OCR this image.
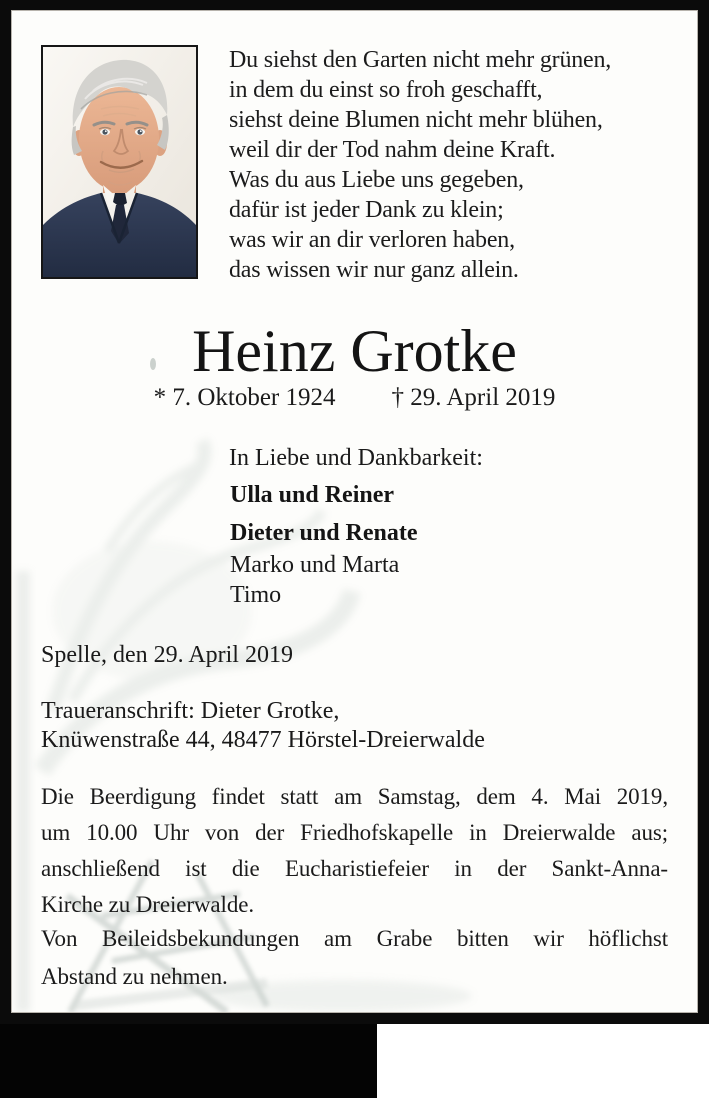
Du siehst den Garten nicht mehr grünen,
in dem du einst so froh geschafft,
siehst deine Blumen nicht mehr blühen,
weil dir der Tod nahm deine Kraft.
Was du aus Liebe uns gegeben,
dafür ist jeder Dank zu klein;
was wir an dir verloren haben,
das wissen wir nur ganz allein.
Heinz Grotke
* 7. Oktober 1924 † 29. April 2019
In Liebe und Dankbarkeit:
Ulla und Reiner
Dieter und Renate
Marko und Marta
Timo
Spelle, den 29. April 2019
Traueranschrift: Dieter Grotke,
Knüwenstraße 44, 48477 Hörstel-Dreierwalde
Die Beerdigung findet statt am Samstag, dem 4. Mai 2019,
um 10.00 Uhr von der Friedhofskapelle in Dreierwalde aus;
anschließend ist die Eucharistiefeier in der Sankt-Anna-
Kirche zu Dreierwalde.
Von Beileidsbekundungen am Grabe bitten wir höflichst
Abstand zu nehmen.
